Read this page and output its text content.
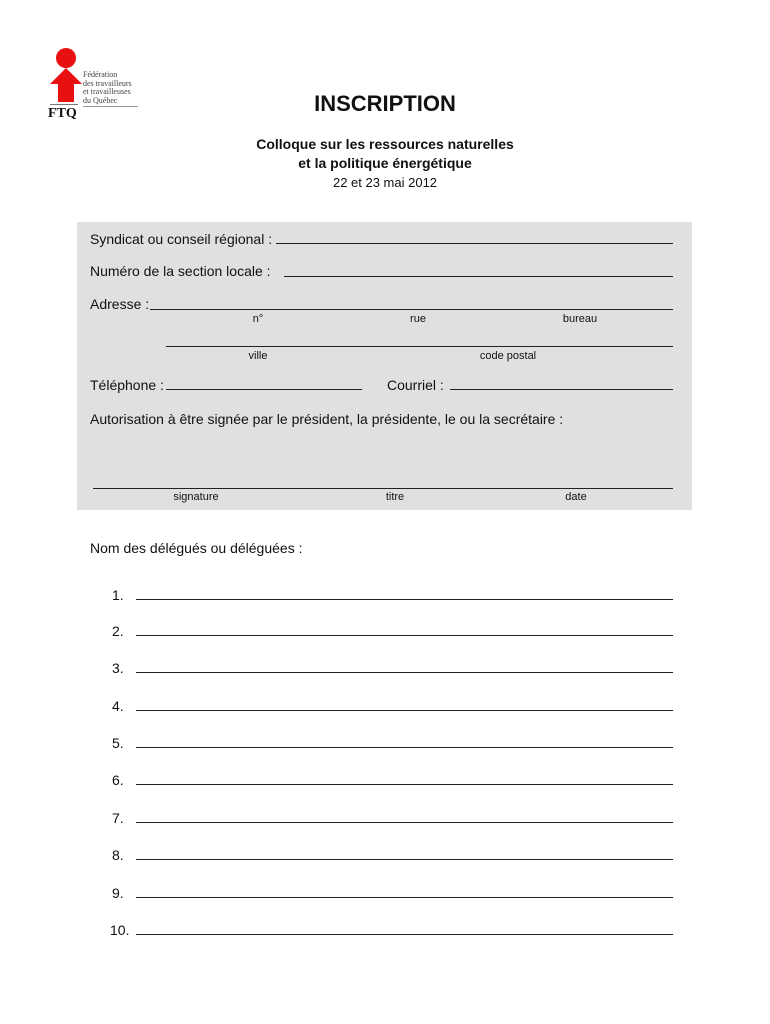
FTQ
Fédération
des travailleurs
et travailleuses
du Québec	INSCRIPTION
Colloque sur les ressources naturelles
et la politique énergétique
22 et 23 mai 2012
Syndicat ou conseil régional :
Numéro de la section locale :
Adresse :
n°	rue	bureau
ville	code postal
Téléphone :	Courriel :
Autorisation à être signée par le président, la présidente, le ou la secrétaire :
signature	titre	date
Nom des délégués ou déléguées :
1.
2.
3.
4.
5.
6.
7.
8.
9.
10.
